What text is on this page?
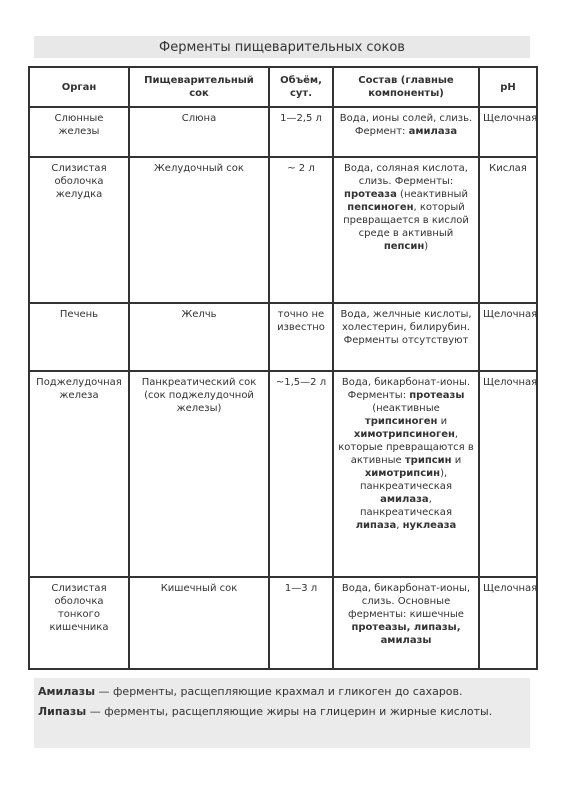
Ферменты пищеварительных соков
Орган	Пищеварительный сок	Объём, сут.	Состав (главные компоненты)	pH
Слюнные железы	Слюна	1—2,5 л	Вода, ионы солей, слизь. Фермент: амилаза	Щелочная
Слизистая оболочка желудка	Желудочный сок	~ 2 л	Вода, соляная кислота, слизь. Ферменты: протеаза (неактивный пепсиноген, который превращается в кислой среде в активный пепсин)	Кислая
Печень	Желчь	точно не известно	Вода, желчные кислоты, холестерин, билирубин. Ферменты отсутствуют	Щелочная
Поджелудочная железа	Панкреатический сок (сок поджелудочной железы)	~1,5—2 л	Вода, бикарбонат-ионы. Ферменты: протеазы (неактивные трипсиноген и химотрипсиноген, которые превращаются в активные трипсин и химотрипсин), панкреатическая амилаза, панкреатическая липаза, нуклеаза	Щелочная
Слизистая оболочка тонкого кишечника	Кишечный сок	1—3 л	Вода, бикарбонат-ионы, слизь. Основные ферменты: кишечные протеазы, липазы, амилазы	Щелочная

Амилазы — ферменты, расщепляющие крахмал и гликоген до сахаров.

Липазы — ферменты, расщепляющие жиры на глицерин и жирные кислоты.
